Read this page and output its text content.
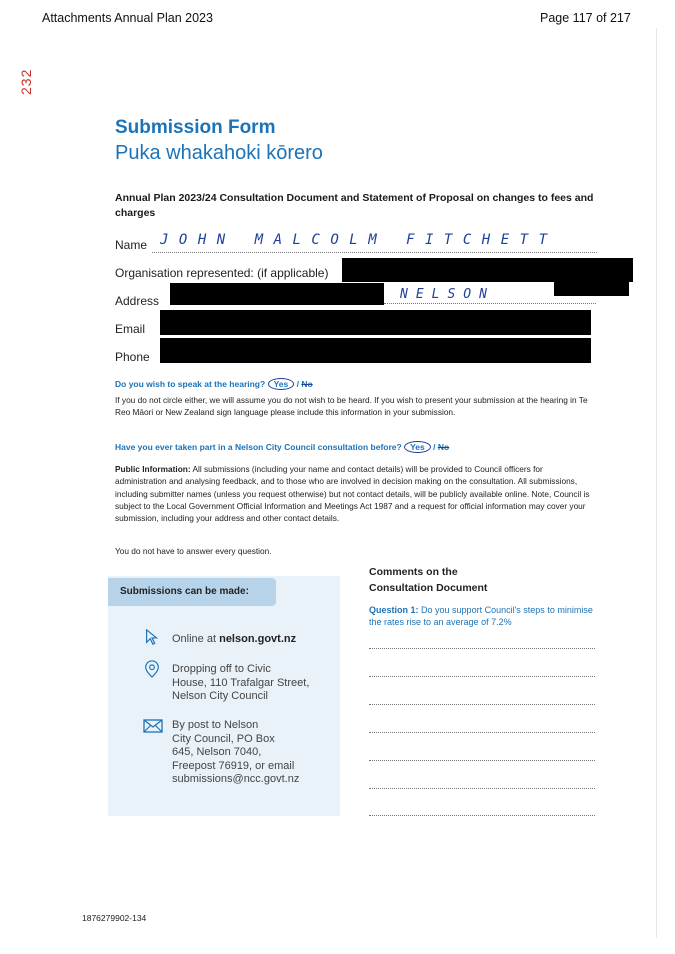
Attachments Annual Plan 2023	Page 117 of 217
232
Submission Form
Puka whakahoki kōrero
Annual Plan 2023/24 Consultation Document and Statement of Proposal on changes to fees and charges
Name JOHN MALCOLM FITCHETT
Organisation represented: (if applicable)
Address	NELSON
Email
Phone
Do you wish to speak at the hearing? Yes / No
If you do not circle either, we will assume you do not wish to be heard. If you wish to present your submission at the hearing in Te Reo Māori or New Zealand sign language please include this information in your submission.
Have you ever taken part in a Nelson City Council consultation before? Yes / No
Public Information: All submissions (including your name and contact details) will be provided to Council officers for administration and analysing feedback, and to those who are involved in decision making on the consultation. All submissions, including submitter names (unless you request otherwise) but not contact details, will be publicly available online. Note, Council is subject to the Local Government Official Information and Meetings Act 1987 and a request for official information may cover your submission, including your address and other contact details.
You do not have to answer every question.
Submissions can be made:
Online at nelson.govt.nz
Dropping off to Civic
House, 110 Trafalgar Street,
Nelson City Council
By post to Nelson
City Council, PO Box
645, Nelson 7040,
Freepost 76919, or email
submissions@ncc.govt.nz
Comments on the
Consultation Document
Question 1: Do you support Council's steps to minimise the rates rise to an average of 7.2%
1876279902-134
